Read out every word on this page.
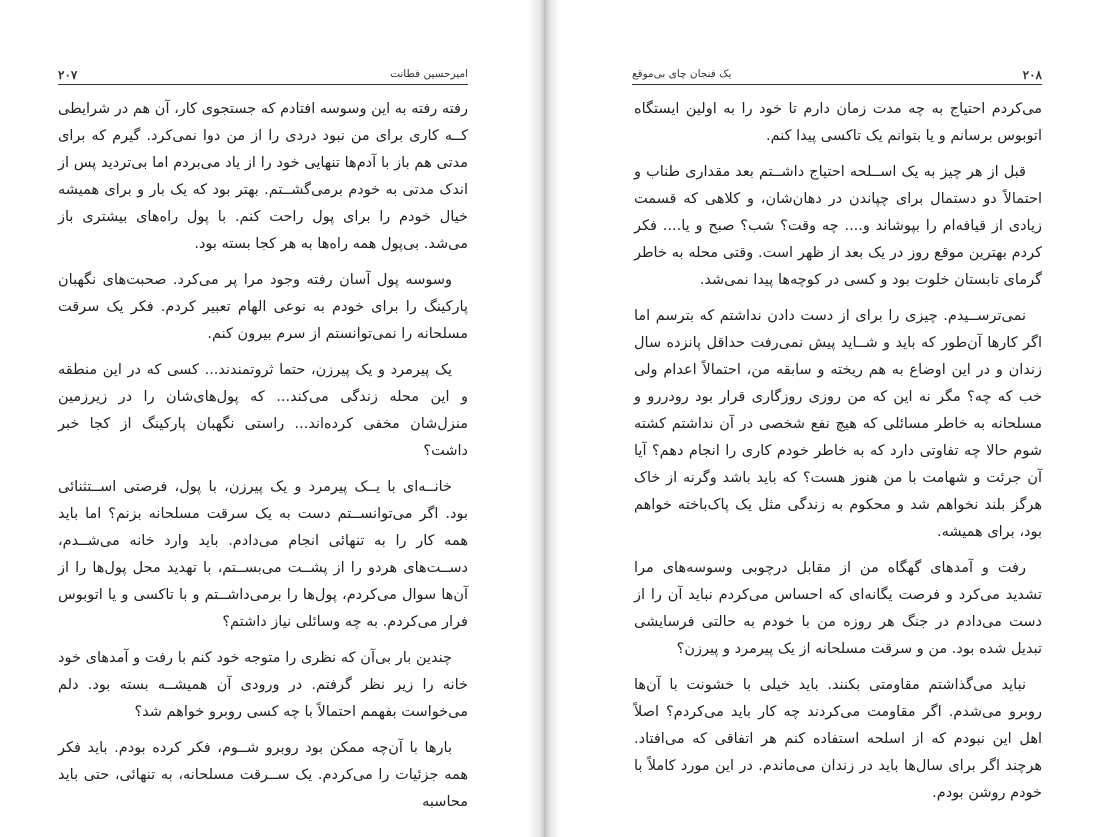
امیرحسین فطانت
۲۰۷

رفته رفته به این وسوسه افتادم که جستجوی کار، آن هم در شرایطی کــه کاری برای من نبود دردی را از من دوا نمی‌کرد. گیرم که برای مدتی هم باز با آدم‌ها تنهایی خود را از یاد می‌بردم اما بی‌تردید پس از اندک مدتی به خودم برمی‌گشــتم. بهتر بود که یک بار و برای همیشه خیال خودم را برای پول راحت کنم. با پول راه‌های بیشتری باز می‌شد. بی‌پول همه راه‌ها به هر کجا بسته بود.

وسوسه پول آسان رفته وجود مرا پر می‌کرد. صحبت‌های نگهبان پارکینگ را برای خودم به نوعی الهام تعبیر کردم. فکر یک سرقت مسلحانه را نمی‌توانستم از سرم بیرون کنم.

یک پیرمرد و یک پیرزن، حتما ثروتمندند... کسی که در این منطقه و این محله زندگی می‌کند... که پول‌های‌شان را در زیرزمین منزل‌شان مخفی کرده‌اند... راستی نگهبان پارکینگ از کجا خبر داشت؟

خانــه‌ای با یــک پیرمرد و یک پیرزن، با پول، فرصتی اســتثنائی بود. اگر می‌توانســتم دست به یک سرقت مسلحانه بزنم؟ اما باید همه کار را به تنهائی انجام می‌دادم. باید وارد خانه می‌شــدم، دســت‌های هردو را از پشــت می‌بســتم، با تهدید محل پول‌ها را از آن‌ها سوال می‌کردم، پول‌ها را برمی‌داشــتم و با تاکسی و یا اتوبوس فرار می‌کردم. به چه وسائلی نیاز داشتم؟

چندین بار بی‌آن که نظری را متوجه خود کنم با رفت و آمدهای خود خانه را زیر نظر گرفتم. در ورودی آن همیشــه بسته بود. دلم می‌خواست بفهمم احتمالاً با چه کسی روبرو خواهم شد؟

بارها با آن‌چه ممکن بود روبرو شــوم، فکر کرده بودم. باید فکر همه جزئیات را می‌کردم. یک ســرقت مسلحانه، به تنهائی، حتی باید محاسبه

۲۰۸
یک فنجان چای بی‌موقع

می‌کردم احتیاج به چه مدت زمان دارم تا خود را به اولین ایستگاه اتوبوس برسانم و یا بتوانم یک تاکسی پیدا کنم.

قبل از هر چیز به یک اســلحه احتیاج داشــتم بعد مقداری طناب و احتمالاً دو دستمال برای چپاندن در دهان‌شان، و کلاهی که قسمت زیادی از قیافه‌ام را بپوشاند و.... چه وقت؟ شب؟ صبح و یا.... فکر کردم بهترین موقع روز در یک بعد از ظهر است. وقتی محله به خاطر گرمای تابستان خلوت بود و کسی در کوچه‌ها پیدا نمی‌شد.

نمی‌ترســیدم. چیزی را برای از دست دادن نداشتم که بترسم اما اگر کارها آن‌طور که باید و شــاید پیش نمی‌رفت حداقل پانزده سال زندان و در این اوضاع به هم ریخته و سابقه من، احتمالاً اعدام ولی خب که چه؟ مگر نه این که من روزی روزگاری قرار بود رودررو و مسلحانه به خاطر مسائلی که هیچ نفع شخصی در آن نداشتم کشته شوم حالا چه تفاوتی دارد که به خاطر خودم کاری را انجام دهم؟ آیا آن جرئت و شهامت با من هنوز هست؟ که باید باشد وگرنه از خاک هرگز بلند نخواهم شد و محکوم به زندگی مثل یک پاک‌باخته خواهم بود، برای همیشه.

رفت و آمدهای گهگاه من از مقابل درچوبی وسوسه‌های مرا تشدید می‌کرد و فرصت یگانه‌ای که احساس می‌کردم نباید آن را از دست می‌دادم در جنگ هر روزه من با خودم به حالتی فرسایشی تبدیل شده بود. من و سرقت مسلحانه از یک پیرمرد و پیرزن؟

نباید می‌گذاشتم مقاومتی بکنند. باید خیلی با خشونت با آن‌ها روبرو می‌شدم. اگر مقاومت می‌کردند چه کار باید می‌کردم؟ اصلاً اهل این نبودم که از اسلحه استفاده کنم هر اتفاقی که می‌افتاد. هرچند اگر برای سال‌ها باید در زندان می‌ماندم. در این مورد کاملاً با خودم روشن بودم.
